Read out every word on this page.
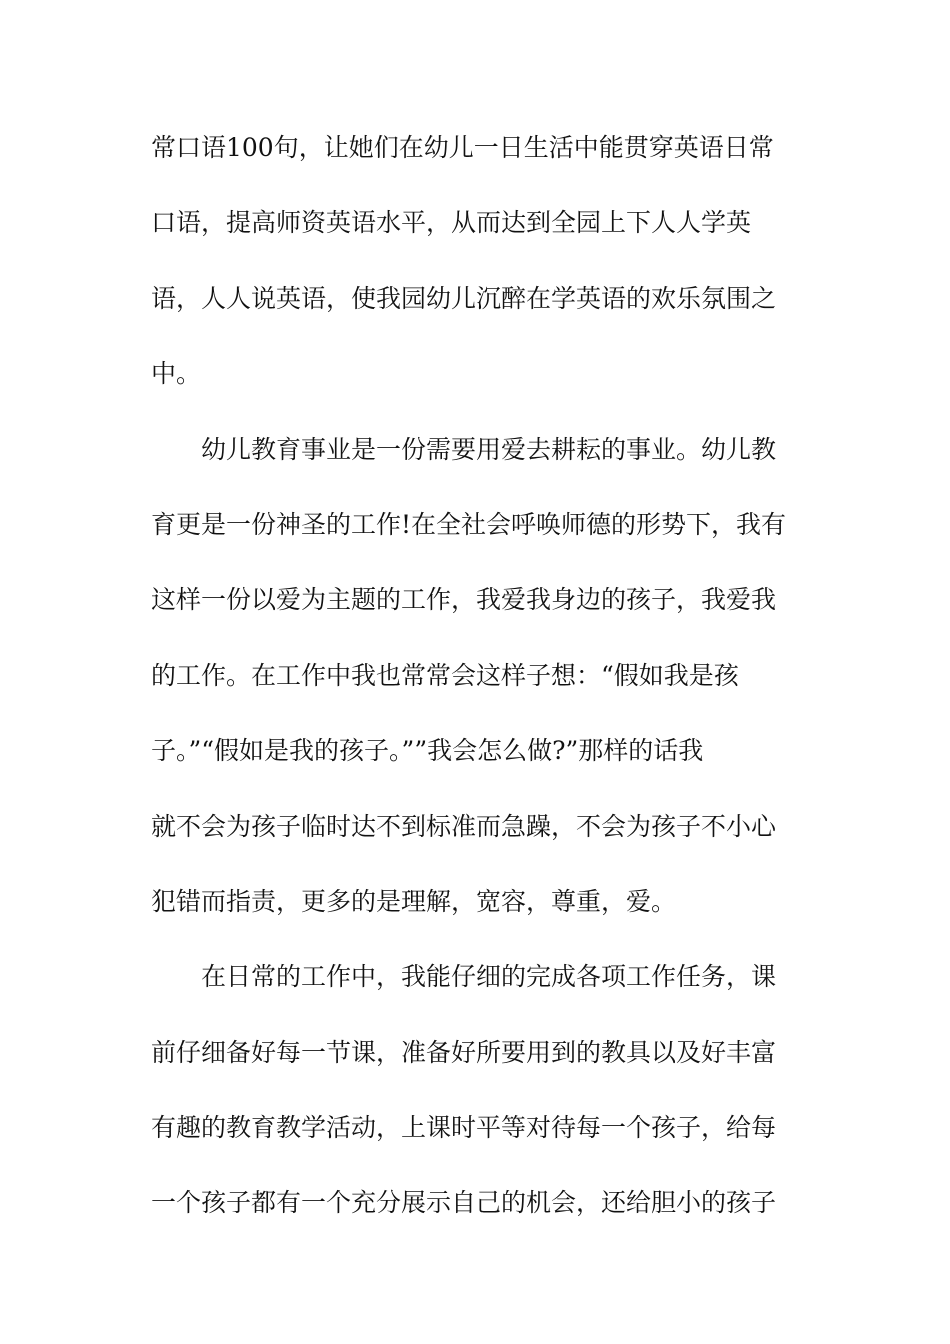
常口语100句，让她们在幼儿一日生活中能贯穿英语日常
口语，提高师资英语水平，从而达到全园上下人人学英
语，人人说英语，使我园幼儿沉醉在学英语的欢乐氛围之
中。
幼儿教育事业是一份需要用爱去耕耘的事业。幼儿教
育更是一份神圣的工作!在全社会呼唤师德的形势下，我有
这样一份以爱为主题的工作，我爱我身边的孩子，我爱我
的工作。在工作中我也常常会这样子想：“假如我是孩
子。”“假如是我的孩子。””我会怎么做?”那样的话我
就不会为孩子临时达不到标准而急躁，不会为孩子不小心
犯错而指责，更多的是理解，宽容，尊重，爱。
在日常的工作中，我能仔细的完成各项工作任务，课
前仔细备好每一节课，准备好所要用到的教具以及好丰富
有趣的教育教学活动，上课时平等对待每一个孩子，给每
一个孩子都有一个充分展示自己的机会，还给胆小的孩子
